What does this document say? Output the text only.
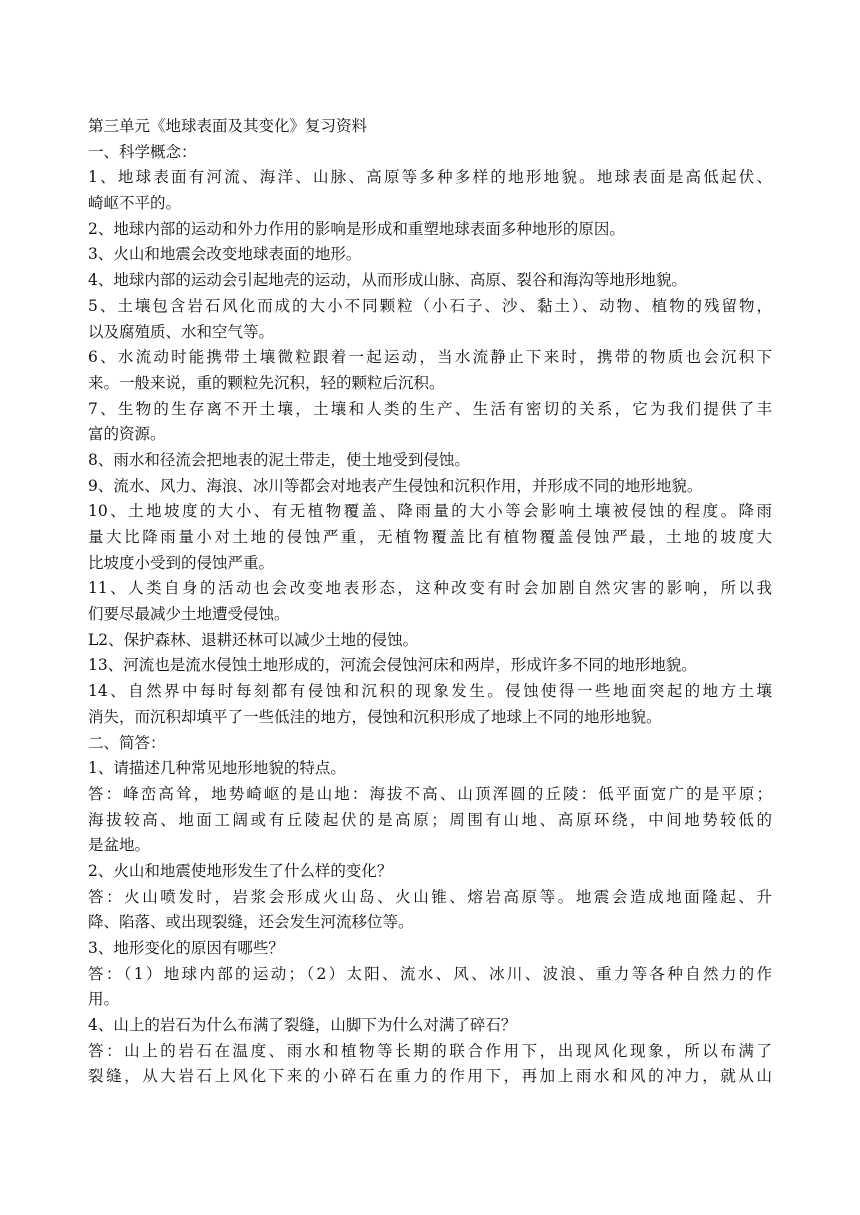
第三单元《地球表面及其变化》复习资料
一、科学概念：
1、地球表面有河流、海洋、山脉、高原等多种多样的地形地貌。地球表面是高低起伏、
崎岖不平的。
2、地球内部的运动和外力作用的影响是形成和重塑地球表面多种地形的原因。
3、火山和地震会改变地球表面的地形。
4、地球内部的运动会引起地壳的运动，从而形成山脉、高原、裂谷和海沟等地形地貌。
5、土壤包含岩石风化而成的大小不同颗粒（小石子、沙、黏土）、动物、植物的残留物，
以及腐殖质、水和空气等。
6、水流动时能携带土壤微粒跟着一起运动，当水流静止下来时，携带的物质也会沉积下
来。一般来说，重的颗粒先沉积，轻的颗粒后沉积。
7、生物的生存离不开土壤，土壤和人类的生产、生活有密切的关系，它为我们提供了丰
富的资源。
8、雨水和径流会把地表的泥土带走，使土地受到侵蚀。
9、流水、风力、海浪、冰川等都会对地表产生侵蚀和沉积作用，并形成不同的地形地貌。
10、土地坡度的大小、有无植物覆盖、降雨量的大小等会影响土壤被侵蚀的程度。降雨
量大比降雨量小对土地的侵蚀严重，无植物覆盖比有植物覆盖侵蚀严最，土地的坡度大
比坡度小受到的侵蚀严重。
11、人类自身的活动也会改变地表形态，这种改变有时会加剧自然灾害的影响，所以我
们要尽最减少土地遭受侵蚀。
L2、保护森林、退耕还林可以减少土地的侵蚀。
13、河流也是流水侵蚀土地形成的，河流会侵蚀河床和两岸，形成许多不同的地形地貌。
14、自然界中每时每刻都有侵蚀和沉积的现象发生。侵蚀使得一些地面突起的地方土壤
消失，而沉积却填平了一些低洼的地方，侵蚀和沉积形成了地球上不同的地形地貌。
二、简答：
1、请描述几种常见地形地貌的特点。
答：峰峦高耸，地势崎岖的是山地：海拔不高、山顶浑圆的丘陵：低平面宽广的是平原；
海拔较高、地面工阔或有丘陵起伏的是高原；周围有山地、高原环绕，中间地势较低的
是盆地。
2、火山和地震使地形发生了什么样的变化？
答：火山喷发时，岩浆会形成火山岛、火山锥、熔岩高原等。地震会造成地面隆起、升
降、陷落、或出现裂缝，还会发生河流移位等。
3、地形变化的原因有哪些？
答：（1）地球内部的运动；（2）太阳、流水、风、冰川、波浪、重力等各种自然力的作
用。
4、山上的岩石为什么布满了裂缝，山脚下为什么对满了碎石？
答：山上的岩石在温度、雨水和植物等长期的联合作用下，出现风化现象，所以布满了
裂缝，从大岩石上风化下来的小碎石在重力的作用下，再加上雨水和风的冲力，就从山
